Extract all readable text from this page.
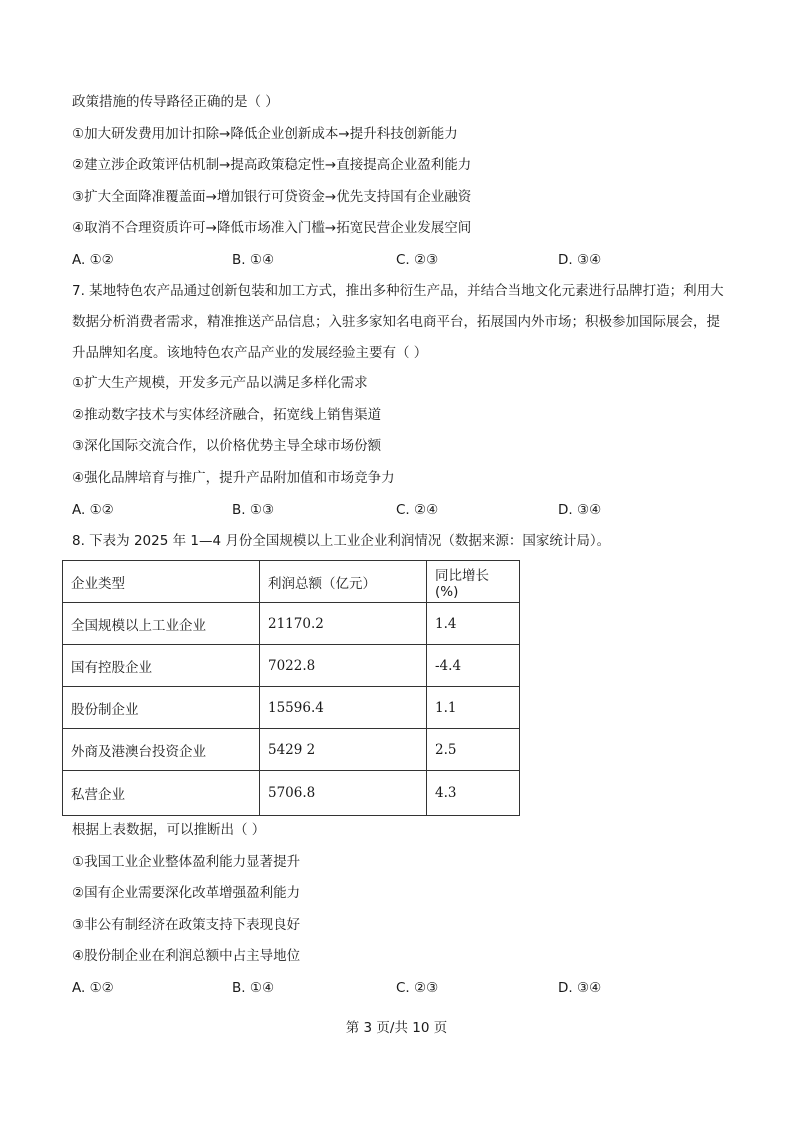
政策措施的传导路径正确的是（ ）
①加大研发费用加计扣除→降低企业创新成本→提升科技创新能力
②建立涉企政策评估机制→提高政策稳定性→直接提高企业盈利能力
③扩大全面降准覆盖面→增加银行可贷资金→优先支持国有企业融资
④取消不合理资质许可→降低市场准入门槛→拓宽民营企业发展空间
A. ①②	B. ①④	C. ②③	D. ③④
7. 某地特色农产品通过创新包装和加工方式，推出多种衍生产品，并结合当地文化元素进行品牌打造；利用大数据分析消费者需求，精准推送产品信息；入驻多家知名电商平台，拓展国内外市场；积极参加国际展会，提升品牌知名度。该地特色农产品产业的发展经验主要有（ ）
①扩大生产规模，开发多元产品以满足多样化需求
②推动数字技术与实体经济融合，拓宽线上销售渠道
③深化国际交流合作，以价格优势主导全球市场份额
④强化品牌培育与推广，提升产品附加值和市场竞争力
A. ①②	B. ①③	C. ②④	D. ③④
8. 下表为 2025 年 1—4 月份全国规模以上工业企业利润情况（数据来源：国家统计局）。
企业类型	利润总额（亿元）	同比增长(%)
全国规模以上工业企业	21170.2	1.4
国有控股企业	7022.8	-4.4
股份制企业	15596.4	1.1
外商及港澳台投资企业	5429 2	2.5
私营企业	5706.8	4.3
根据上表数据，可以推断出（ ）
①我国工业企业整体盈利能力显著提升
②国有企业需要深化改革增强盈利能力
③非公有制经济在政策支持下表现良好
④股份制企业在利润总额中占主导地位
A. ①②	B. ①④	C. ②③	D. ③④
第 3 页/共 10 页
